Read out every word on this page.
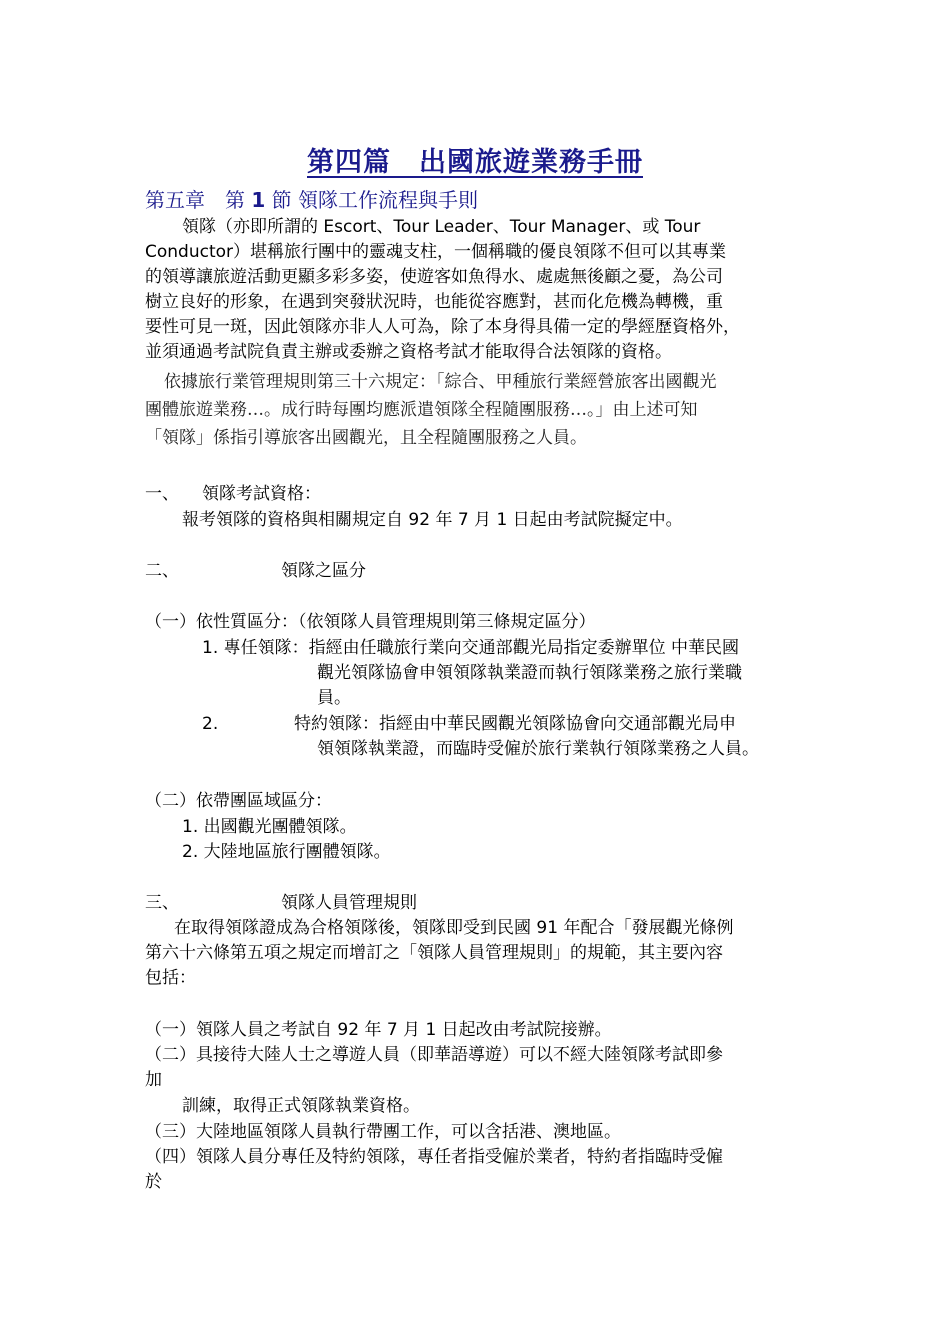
第四篇　出國旅遊業務手冊
第五章　第 1 節 領隊工作流程與手則
領隊（亦即所謂的 Escort、Tour Leader、Tour Manager、或 Tour
Conductor）堪稱旅行團中的靈魂支柱，一個稱職的優良領隊不但可以其專業
的領導讓旅遊活動更顯多彩多姿，使遊客如魚得水、處處無後顧之憂，為公司
樹立良好的形象，在遇到突發狀況時，也能從容應對，甚而化危機為轉機，重
要性可見一斑，因此領隊亦非人人可為，除了本身得具備一定的學經歷資格外，
並須通過考試院負責主辦或委辦之資格考試才能取得合法領隊的資格。
依據旅行業管理規則第三十六規定：「綜合、甲種旅行業經營旅客出國觀光
團體旅遊業務…。成行時每團均應派遣領隊全程隨團服務…。」由上述可知
「領隊」係指引導旅客出國觀光，且全程隨團服務之人員。
一、 領隊考試資格：
報考領隊的資格與相關規定自 92 年 7 月 1 日起由考試院擬定中。
二、	領隊之區分
（一）依性質區分：（依領隊人員管理規則第三條規定區分）
1. 專任領隊：指經由任職旅行業向交通部觀光局指定委辦單位 中華民國
觀光領隊協會申領領隊執業證而執行領隊業務之旅行業職
員。
2.	特約領隊：指經由中華民國觀光領隊協會向交通部觀光局申
領領隊執業證，而臨時受僱於旅行業執行領隊業務之人員。
（二）依帶團區域區分：
1. 出國觀光團體領隊。
2. 大陸地區旅行團體領隊。
三、	領隊人員管理規則
在取得領隊證成為合格領隊後，領隊即受到民國 91 年配合「發展觀光條例
第六十六條第五項之規定而增訂之「領隊人員管理規則」的規範，其主要內容
包括：
（一）領隊人員之考試自 92 年 7 月 1 日起改由考試院接辦。
（二）具接待大陸人士之導遊人員（即華語導遊）可以不經大陸領隊考試即參
加
訓練，取得正式領隊執業資格。
（三）大陸地區領隊人員執行帶團工作，可以含括港、澳地區。
（四）領隊人員分專任及特約領隊，專任者指受僱於業者，特約者指臨時受僱
於
